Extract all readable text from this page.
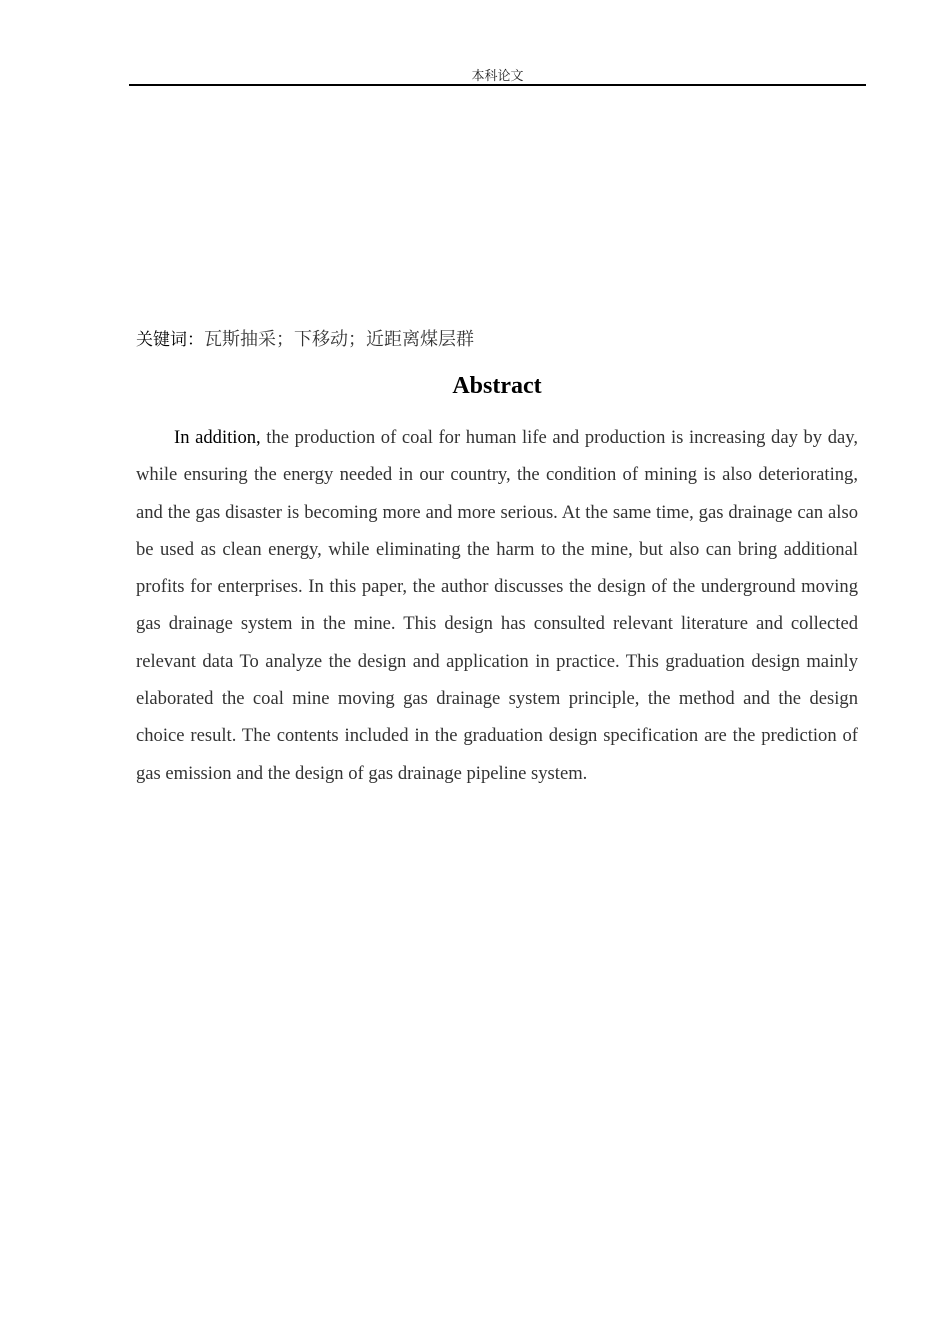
本科论文
关键词：瓦斯抽采；下移动；近距离煤层群
Abstract

In addition, the production of coal for human life and production is increasing day by day, while ensuring the energy needed in our country, the condition of mining is also deteriorating, and the gas disaster is becoming more and more serious. At the same time, gas drainage can also be used as clean energy, while eliminating the harm to the mine, but also can bring additional profits for enterprises. In this paper, the author discusses the design of the underground moving gas drainage system in the mine. This design has consulted relevant literature and collected relevant data To analyze the design and application in practice. This graduation design mainly elaborated the coal mine moving gas drainage system principle, the method and the design choice result. The contents included in the graduation design specification are the prediction of gas emission and the design of gas drainage pipeline system.
